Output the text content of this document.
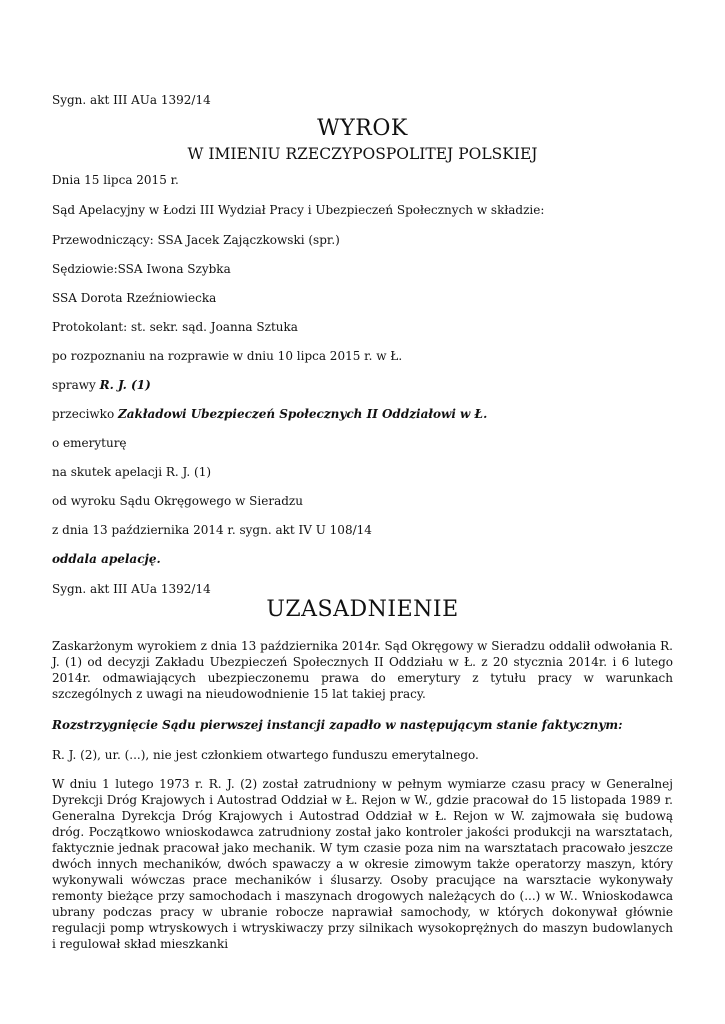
Sygn. akt III AUa 1392/14
WYROK
W IMIENIU RZECZYPOSPOLITEJ POLSKIEJ
Dnia 15 lipca 2015 r.
Sąd Apelacyjny w Łodzi III Wydział Pracy i Ubezpieczeń Społecznych w składzie:
Przewodniczący: SSA Jacek Zajączkowski (spr.)
Sędziowie:SSA Iwona Szybka
SSA Dorota Rzeźniowiecka
Protokolant: st. sekr. sąd. Joanna Sztuka
po rozpoznaniu na rozprawie w dniu 10 lipca 2015 r. w Ł.
sprawy R. J. (1)
przeciwko Zakładowi Ubezpieczeń Społecznych II Oddziałowi w Ł.
o emeryturę
na skutek apelacji R. J. (1)
od wyroku Sądu Okręgowego w Sieradzu
z dnia 13 października 2014 r. sygn. akt IV U 108/14
oddala apelację.
Sygn. akt III AUa 1392/14
UZASADNIENIE
Zaskarżonym wyrokiem z dnia 13 października 2014r. Sąd Okręgowy w Sieradzu oddalił odwołania R. J. (1) od decyzji Zakładu Ubezpieczeń Społecznych II Oddziału w Ł. z 20 stycznia 2014r. i 6 lutego 2014r. odmawiających ubezpieczonemu prawa do emerytury z tytułu pracy w warunkach szczególnych z uwagi na nieudowodnienie 15 lat takiej pracy.
Rozstrzygnięcie Sądu pierwszej instancji zapadło w następującym stanie faktycznym:
R. J. (2), ur. (...), nie jest członkiem otwartego funduszu emerytalnego.
W dniu 1 lutego 1973 r. R. J. (2) został zatrudniony w pełnym wymiarze czasu pracy w Generalnej Dyrekcji Dróg Krajowych i Autostrad Oddział w Ł. Rejon w W., gdzie pracował do 15 listopada 1989 r. Generalna Dyrekcja Dróg Krajowych i Autostrad Oddział w Ł. Rejon w W. zajmowała się budową dróg. Początkowo wnioskodawca zatrudniony został jako kontroler jakości produkcji na warsztatach, faktycznie jednak pracował jako mechanik. W tym czasie poza nim na warsztatach pracowało jeszcze dwóch innych mechaników, dwóch spawaczy a w okresie zimowym także operatorzy maszyn, który wykonywali wówczas prace mechaników i ślusarzy. Osoby pracujące na warsztacie wykonywały remonty bieżące przy samochodach i maszynach drogowych należących do (...) w W.. Wnioskodawca ubrany podczas pracy w ubranie robocze naprawiał samochody, w których dokonywał głównie regulacji pomp wtryskowych i wtryskiwaczy przy silnikach wysokoprężnych do maszyn budowlanych i regulował skład mieszkanki
